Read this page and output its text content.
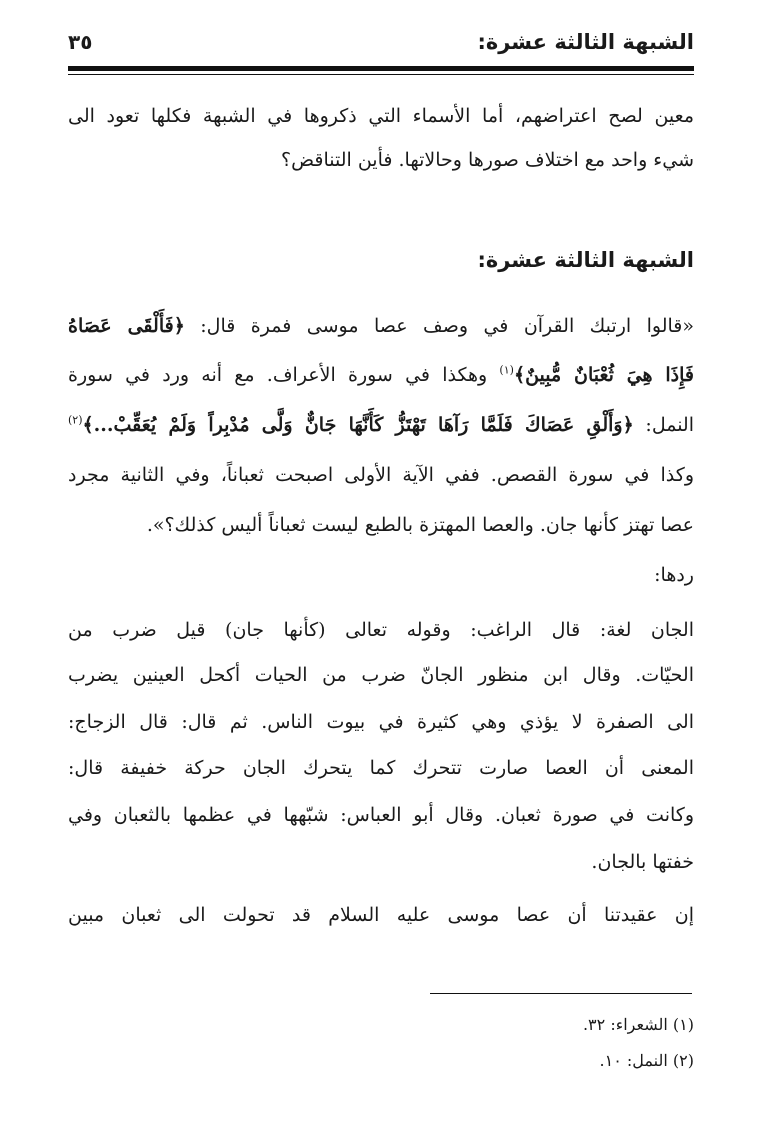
الشبهة الثالثة عشرة:
٣٥
معين لصح اعتراضهم، أما الأسماء التي ذكروها في الشبهة فكلها تعود الى
شيء واحد مع اختلاف صورها وحالاتها. فأين التناقض؟
الشبهة الثالثة عشرة:
«قالوا ارتبك القرآن في وصف عصا موسى فمرة قال: ﴿فَأَلْقَى عَصَاهُ
فَإِذَا هِيَ ثُعْبَانٌ مُّبِينٌ﴾$^{(١)}$ وهكذا في سورة الأعراف. مع أنه ورد في سورة
النمل: ﴿وَأَلْقِ عَصَاكَ فَلَمَّا رَآهَا تَهْتَزُّ كَأَنَّهَا جَانٌّ وَلَّى مُدْبِراً وَلَمْ يُعَقِّبْ...﴾$^{(٢)}$
وكذا في سورة القصص. ففي الآية الأولى اصبحت ثعباناً، وفي الثانية مجرد
عصا تهتز كأنها جان. والعصا المهتزة بالطبع ليست ثعباناً أليس كذلك؟».
ردها:
الجان لغة: قال الراغب: وقوله تعالى (كأنها جان) قيل ضرب من
الحيّات. وقال ابن منظور الجانّ ضرب من الحيات أكحل العينين يضرب
الى الصفرة لا يؤذي وهي كثيرة في بيوت الناس. ثم قال: قال الزجاج:
المعنى أن العصا صارت تتحرك كما يتحرك الجان حركة خفيفة قال:
وكانت في صورة ثعبان. وقال أبو العباس: شبّهها في عظمها بالثعبان وفي
خفتها بالجان.
إن عقيدتنا أن عصا موسى عليه السلام قد تحولت الى ثعبان مبين
(١) الشعراء: ٣٢.
(٢) النمل: ١٠.
